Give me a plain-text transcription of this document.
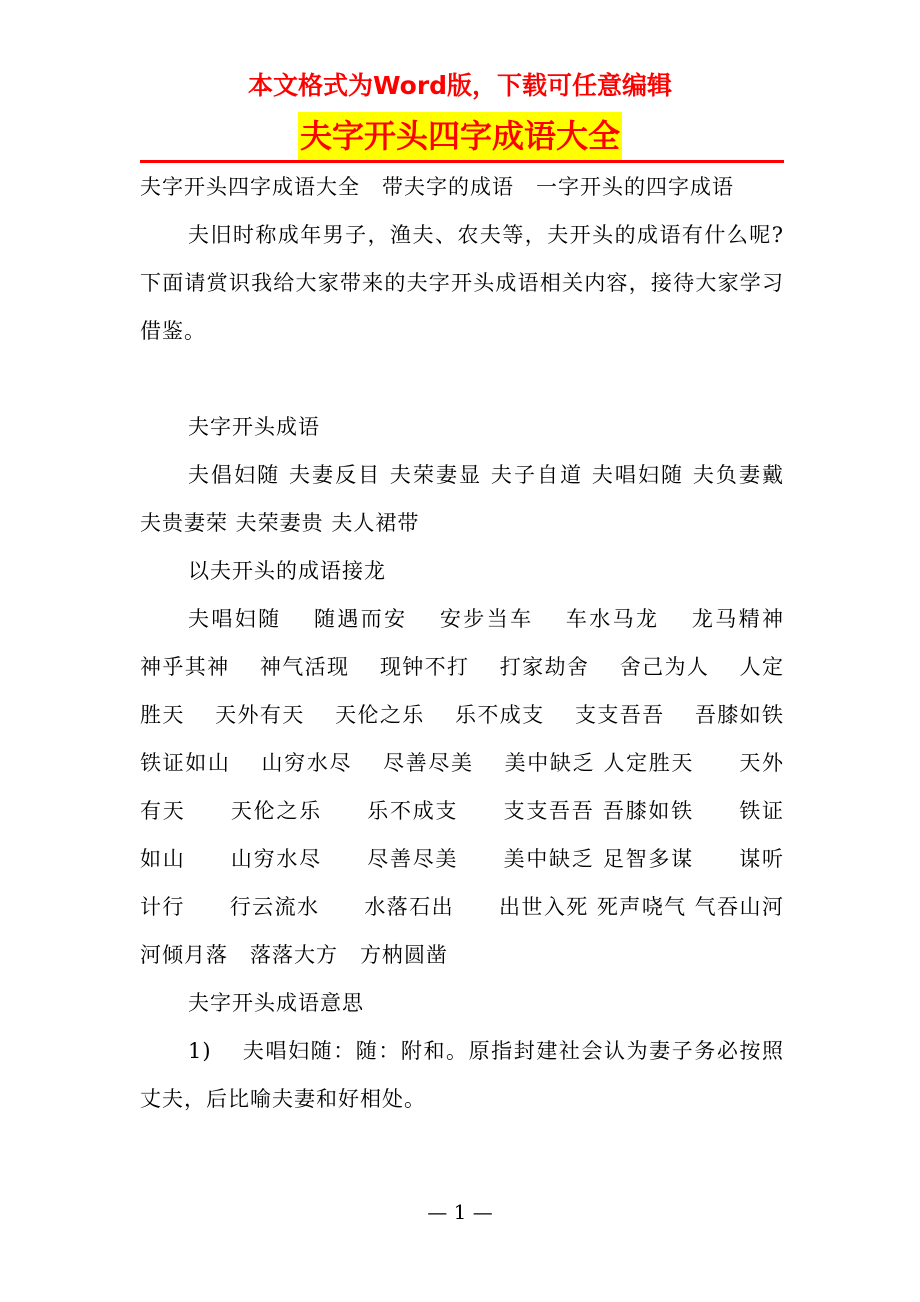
本文格式为Word版，下载可任意编辑
夫字开头四字成语大全

夫字开头四字成语大全　带夫字的成语　一字开头的四字成语

夫旧时称成年男子，渔夫、农夫等，夫开头的成语有什么呢?下面请赏识我给大家带来的夫字开头成语相关内容，接待大家学习借鉴。

夫字开头成语

夫倡妇随 夫妻反目 夫荣妻显 夫子自道 夫唱妇随 夫负妻戴 夫贵妻荣 夫荣妻贵 夫人裙带

以夫开头的成语接龙

夫唱妇随　 随遇而安　 安步当车　 车水马龙　 龙马精神　 神乎其神　 神气活现　 现钟不打　 打家劫舍　 舍己为人　 人定胜天　 天外有天　 天伦之乐　 乐不成支　 支支吾吾　 吾膝如铁 铁证如山　 山穷水尽　 尽善尽美　 美中缺乏 人定胜天　　天外有天　　天伦之乐　　乐不成支　　支支吾吾 吾膝如铁　　铁证如山　　山穷水尽　　尽善尽美　　美中缺乏 足智多谋　　谋听计行　　行云流水　　水落石出　　出世入死 死声哓气 气吞山河　河倾月落　落落大方　方枘圆凿

夫字开头成语意思

1)　 夫唱妇随：随：附和。原指封建社会认为妻子务必按照丈夫，后比喻夫妻和好相处。

— 1 —
